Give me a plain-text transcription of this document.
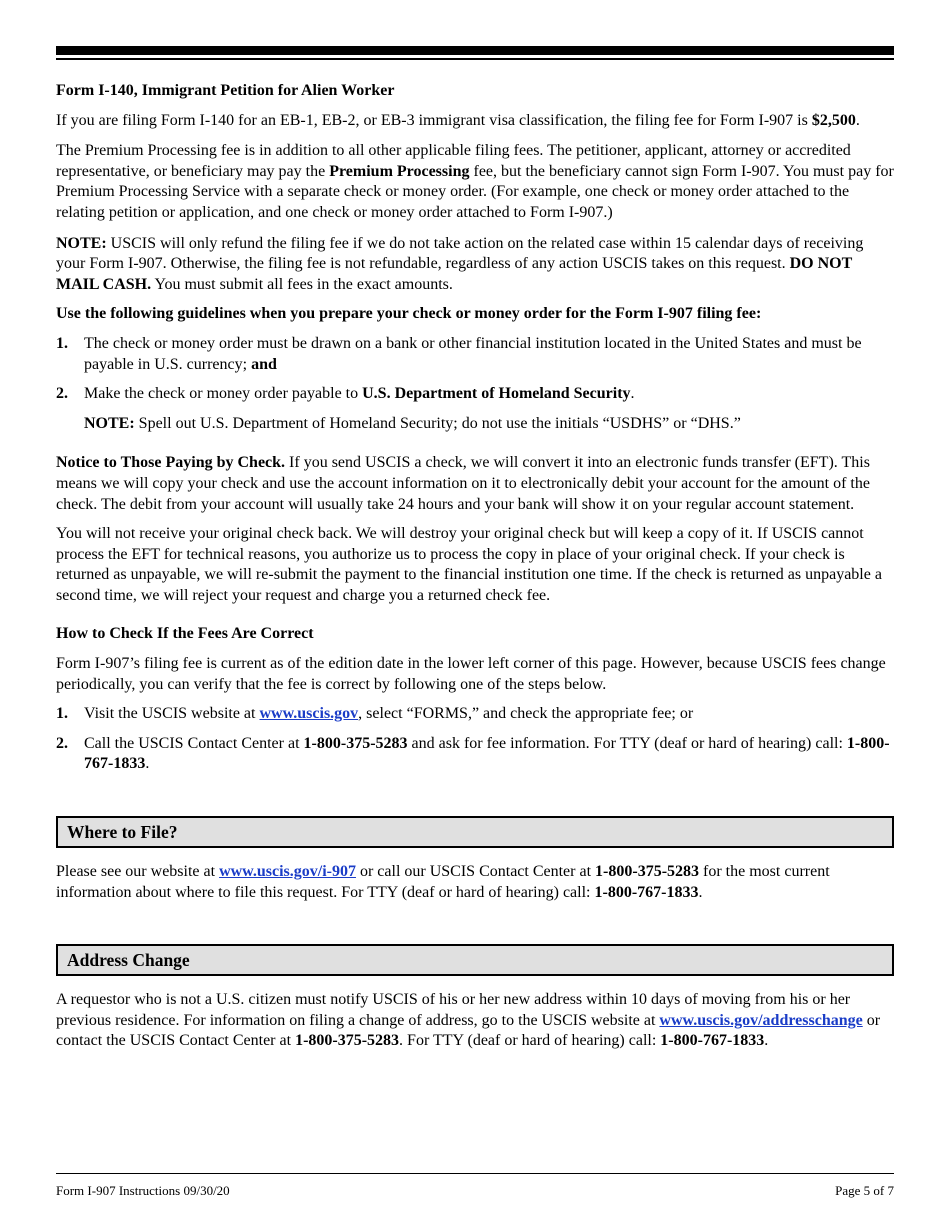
Form I-140, Immigrant Petition for Alien Worker

If you are filing Form I-140 for an EB-1, EB-2, or EB-3 immigrant visa classification, the filing fee for Form I-907 is $2,500.

The Premium Processing fee is in addition to all other applicable filing fees. The petitioner, applicant, attorney or accredited representative, or beneficiary may pay the Premium Processing fee, but the beneficiary cannot sign Form I-907. You must pay for Premium Processing Service with a separate check or money order. (For example, one check or money order attached to the relating petition or application, and one check or money order attached to Form I-907.)

NOTE: USCIS will only refund the filing fee if we do not take action on the related case within 15 calendar days of receiving your Form I-907. Otherwise, the filing fee is not refundable, regardless of any action USCIS takes on this request. DO NOT MAIL CASH. You must submit all fees in the exact amounts.

Use the following guidelines when you prepare your check or money order for the Form I-907 filing fee:

1.	The check or money order must be drawn on a bank or other financial institution located in the United States and must be payable in U.S. currency; and

2.	Make the check or money order payable to U.S. Department of Homeland Security.

NOTE: Spell out U.S. Department of Homeland Security; do not use the initials “USDHS” or “DHS.”

Notice to Those Paying by Check. If you send USCIS a check, we will convert it into an electronic funds transfer (EFT). This means we will copy your check and use the account information on it to electronically debit your account for the amount of the check. The debit from your account will usually take 24 hours and your bank will show it on your regular account statement.

You will not receive your original check back. We will destroy your original check but will keep a copy of it. If USCIS cannot process the EFT for technical reasons, you authorize us to process the copy in place of your original check. If your check is returned as unpayable, we will re-submit the payment to the financial institution one time. If the check is returned as unpayable a second time, we will reject your request and charge you a returned check fee.

How to Check If the Fees Are Correct

Form I-907’s filing fee is current as of the edition date in the lower left corner of this page. However, because USCIS fees change periodically, you can verify that the fee is correct by following one of the steps below.

1.	Visit the USCIS website at www.uscis.gov, select “FORMS,” and check the appropriate fee; or

2.	Call the USCIS Contact Center at 1-800-375-5283 and ask for fee information. For TTY (deaf or hard of hearing) call: 1-800-767-1833.

Where to File?

Please see our website at www.uscis.gov/i-907 or call our USCIS Contact Center at 1-800-375-5283 for the most current information about where to file this request. For TTY (deaf or hard of hearing) call: 1-800-767-1833.

Address Change

A requestor who is not a U.S. citizen must notify USCIS of his or her new address within 10 days of moving from his or her previous residence. For information on filing a change of address, go to the USCIS website at www.uscis.gov/addresschange or contact the USCIS Contact Center at 1-800-375-5283. For TTY (deaf or hard of hearing) call: 1-800-767-1833.

Form I-907 Instructions 09/30/20	Page 5 of 7
